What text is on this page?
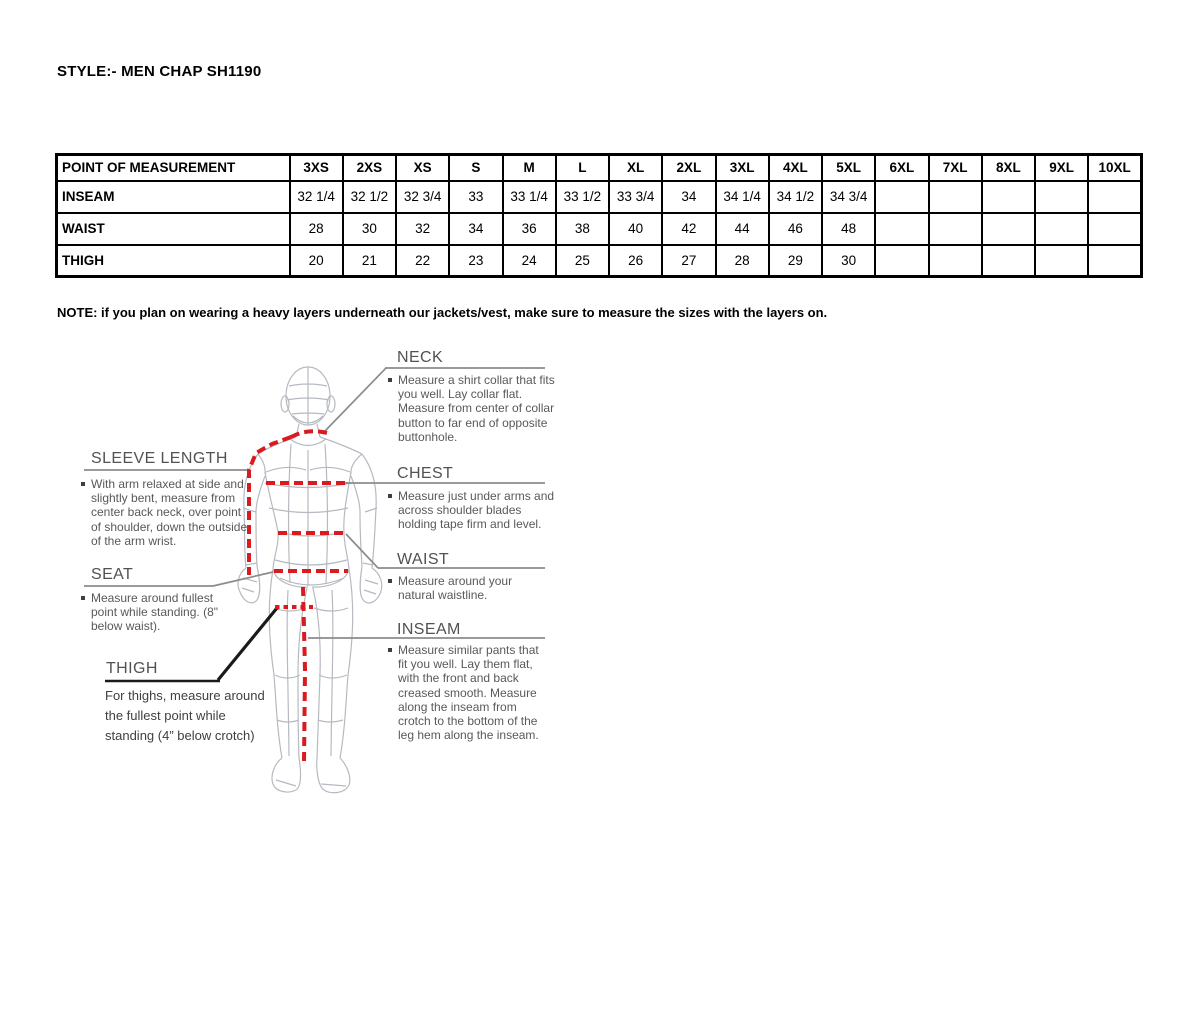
STYLE:- MEN CHAP SH1190
POINT OF MEASUREMENT	3XS	2XS	XS	S	M	L	XL	2XL	3XL	4XL	5XL	6XL	7XL	8XL	9XL	10XL
INSEAM	32 1/4	32 1/2	32 3/4	33	33 1/4	33 1/2	33 3/4	34	34 1/4	34 1/2	34 3/4					
WAIST	28	30	32	34	36	38	40	42	44	46	48					
THIGH	20	21	22	23	24	25	26	27	28	29	30					
NOTE: if you plan on wearing a heavy layers underneath our jackets/vest, make sure to measure the sizes with the layers on.
NECK
Measure a shirt collar that fits you well. Lay collar flat. Measure from center of collar button to far end of opposite buttonhole.
CHEST
Measure just under arms and across shoulder blades holding tape firm and level.
WAIST
Measure around your natural waistline.
INSEAM
Measure similar pants that fit you well. Lay them flat, with the front and back creased smooth. Measure along the inseam from crotch to the bottom of the leg hem along the inseam.
SLEEVE LENGTH
With arm relaxed at side and slightly bent, measure from center back neck, over point of shoulder, down the outside of the arm wrist.
SEAT
Measure around fullest point while standing. (8" below waist).
THIGH
For thighs, measure around the fullest point while standing (4” below crotch)
